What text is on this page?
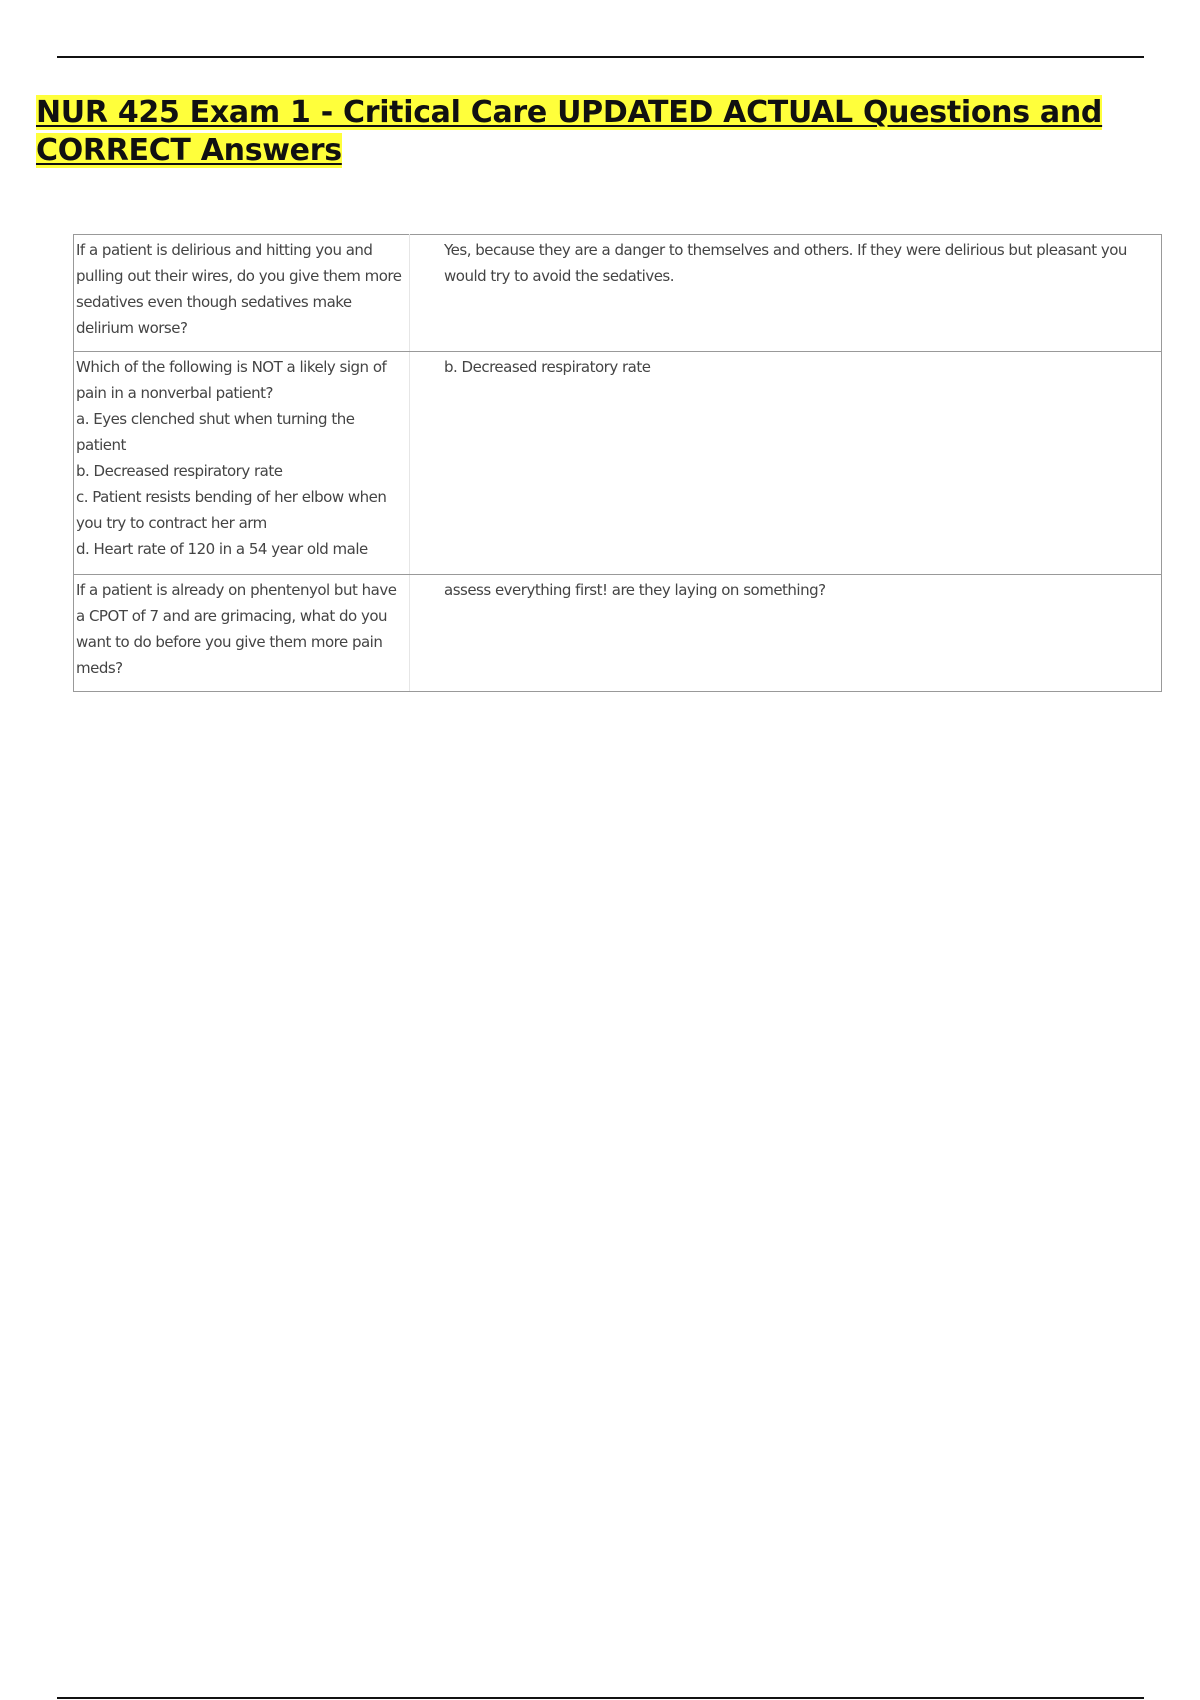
NUR 425 Exam 1 - Critical Care UPDATED ACTUAL Questions and CORRECT Answers
If a patient is delirious and hitting you and pulling out their wires, do you give them more sedatives even though sedatives make delirium worse?	Yes, because they are a danger to themselves and others. If they were delirious but pleasant you would try to avoid the sedatives.
Which of the following is NOT a likely sign of pain in a nonverbal patient?
a. Eyes clenched shut when turning the patient
b. Decreased respiratory rate
c. Patient resists bending of her elbow when you try to contract her arm
d. Heart rate of 120 in a 54 year old male	b. Decreased respiratory rate
If a patient is already on phentenyol but have a CPOT of 7 and are grimacing, what do you want to do before you give them more pain meds?	assess everything first! are they laying on something?
